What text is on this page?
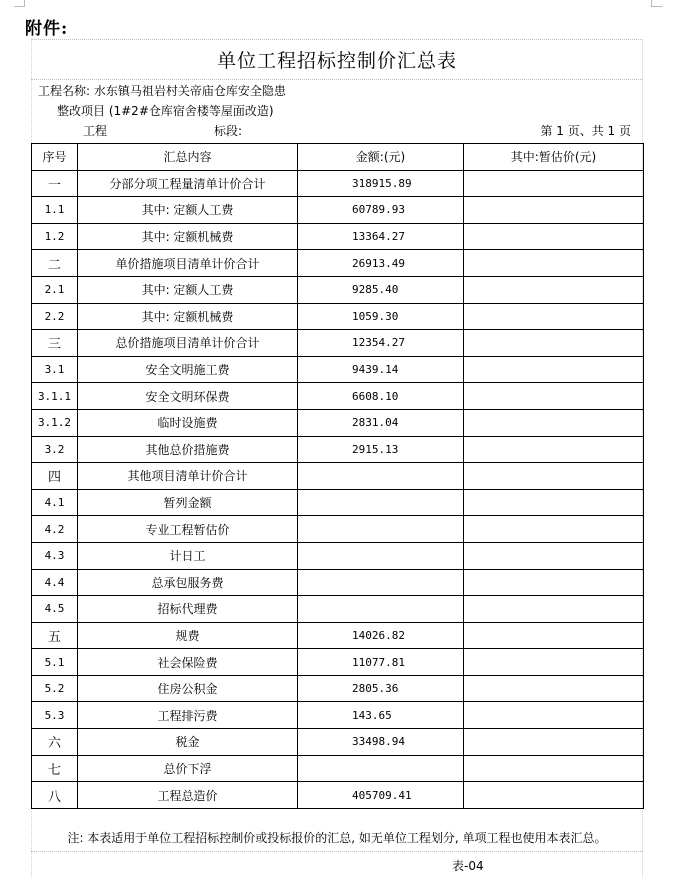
附件:
单位工程招标控制价汇总表
工程名称: 水东镇马祖岩村关帝庙仓库安全隐患
整改项目 (1#2#仓库宿舍楼等屋面改造)
工程	标段:	第 1 页、共 1 页
序号	汇总内容	金额:(元)	其中:暂估价(元)
一	分部分项工程量清单计价合计	318915.89	
1.1	其中: 定额人工费	60789.93	
1.2	其中: 定额机械费	13364.27	
二	单价措施项目清单计价合计	26913.49	
2.1	其中: 定额人工费	9285.40	
2.2	其中: 定额机械费	1059.30	
三	总价措施项目清单计价合计	12354.27	
3.1	安全文明施工费	9439.14	
3.1.1	安全文明环保费	6608.10	
3.1.2	临时设施费	2831.04	
3.2	其他总价措施费	2915.13	
四	其他项目清单计价合计		
4.1	暂列金额		
4.2	专业工程暂估价		
4.3	计日工		
4.4	总承包服务费		
4.5	招标代理费		
五	规费	14026.82	
5.1	社会保险费	11077.81	
5.2	住房公积金	2805.36	
5.3	工程排污费	143.65	
六	税金	33498.94	
七	总价下浮		
八	工程总造价	405709.41	
注: 本表适用于单位工程招标控制价或投标报价的汇总, 如无单位工程划分, 单项工程也使用本表汇总。
表-04
